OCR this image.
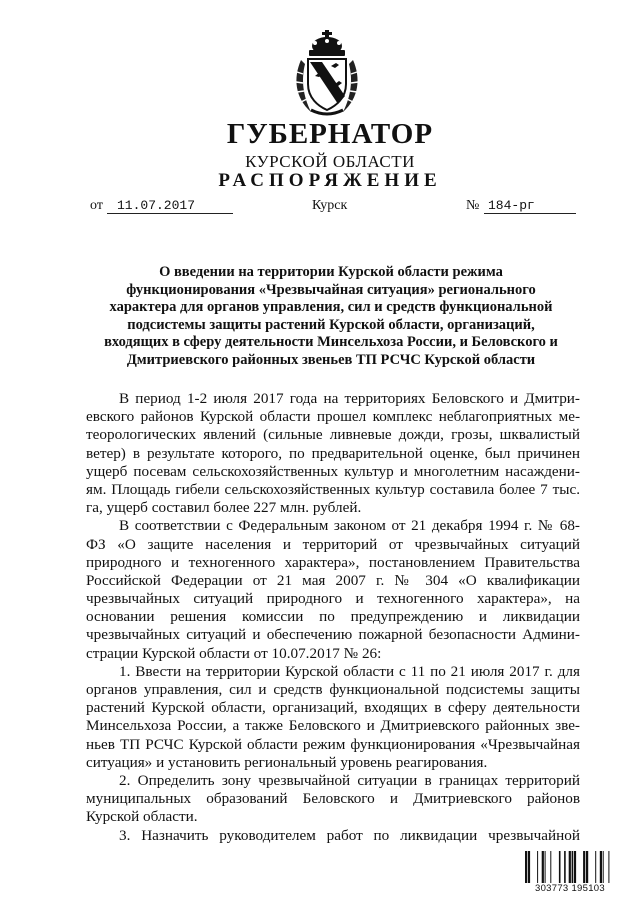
ГУБЕРНАТОР

КУРСКОЙ ОБЛАСТИ

РАСПОРЯЖЕНИЕ

от	11.07.2017	Курск	№ 184-рг
О введении на территории Курской области режима
функционирования «Чрезвычайная ситуация» регионального
характера для органов управления, сил и средств функциональной
подсистемы защиты растений Курской области, организаций,
входящих в сферу деятельности Минсельхоза России, и Беловского и
Дмитриевского районных звеньев ТП РСЧС Курской области
В период 1-2 июля 2017 года на территориях Беловского и Дмитри-
евского районов Курской области прошел комплекс неблагоприятных ме-
теорологических явлений (сильные ливневые дожди, грозы, шквалистый
ветер) в результате которого, по предварительной оценке, был причинен
ущерб посевам сельскохозяйственных культур и многолетним насаждени-
ям. Площадь гибели сельскохозяйственных культур составила более 7 тыс.
га, ущерб составил более 227 млн. рублей.
В соответствии с Федеральным законом от 21 декабря 1994 г. № 68-
ФЗ «О защите населения и территорий от чрезвычайных ситуаций
природного и техногенного характера», постановлением Правительства
Российской Федерации от 21 мая 2007 г. № 304 «О квалификации
чрезвычайных ситуаций природного и техногенного характера», на
основании решения комиссии по предупреждению и ликвидации
чрезвычайных ситуаций и обеспечению пожарной безопасности Админи-
страции Курской области от 10.07.2017 № 26:
1. Ввести на территории Курской области с 11 по 21 июля 2017 г. для
органов управления, сил и средств функциональной подсистемы защиты
растений Курской области, организаций, входящих в сферу деятельности
Минсельхоза России, а также Беловского и Дмитриевского районных зве-
ньев ТП РСЧС Курской области режим функционирования «Чрезвычайная
ситуация» и установить региональный уровень реагирования.
2. Определить зону чрезвычайной ситуации в границах территорий
муниципальных образований Беловского и Дмитриевского районов
Курской области.
3. Назначить руководителем работ по ликвидации чрезвычайной
303773 195103
